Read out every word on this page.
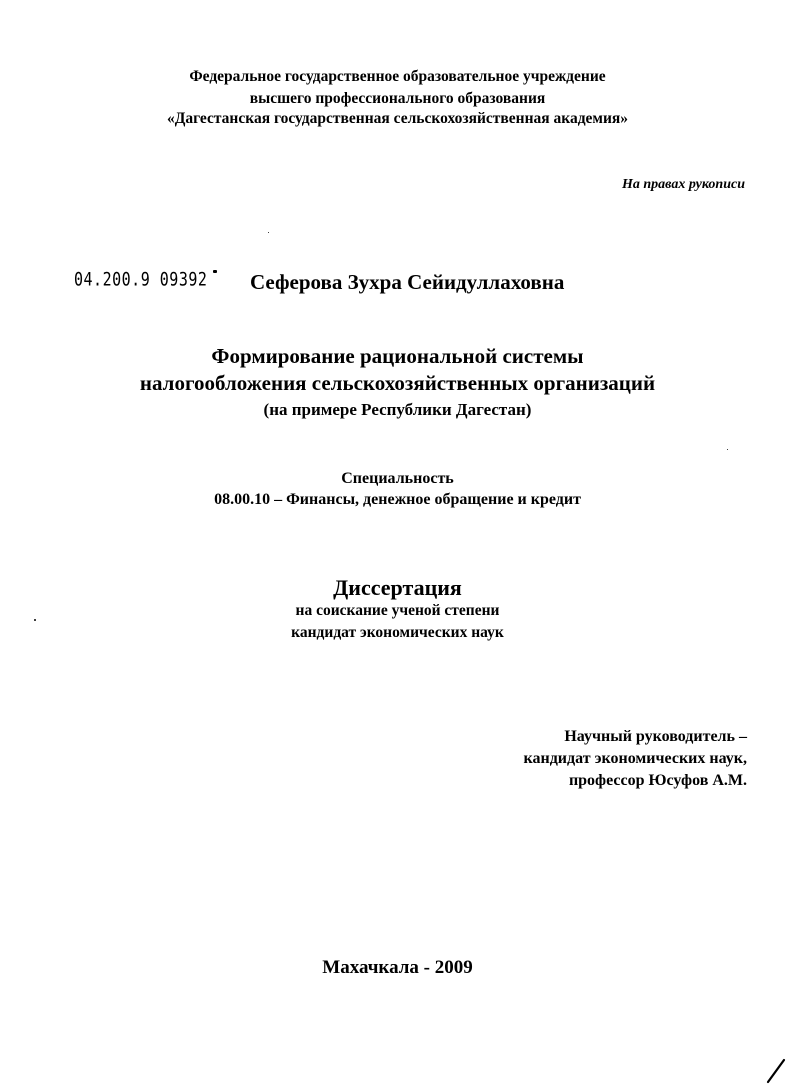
Федеральное государственное образовательное учреждение
высшего профессионального образования
«Дагестанская государственная сельскохозяйственная академия»
На правах рукописи
04.200.9 09392 Сеферова Зухра Сейидуллаховна
Формирование рациональной системы
налогообложения сельскохозяйственных организаций
(на примере Республики Дагестан)
Специальность
08.00.10 – Финансы, денежное обращение и кредит
Диссертация
на соискание ученой степени
кандидат экономических наук
Научный руководитель –
кандидат экономических наук,
профессор Юсуфов А.М.
Махачкала - 2009
